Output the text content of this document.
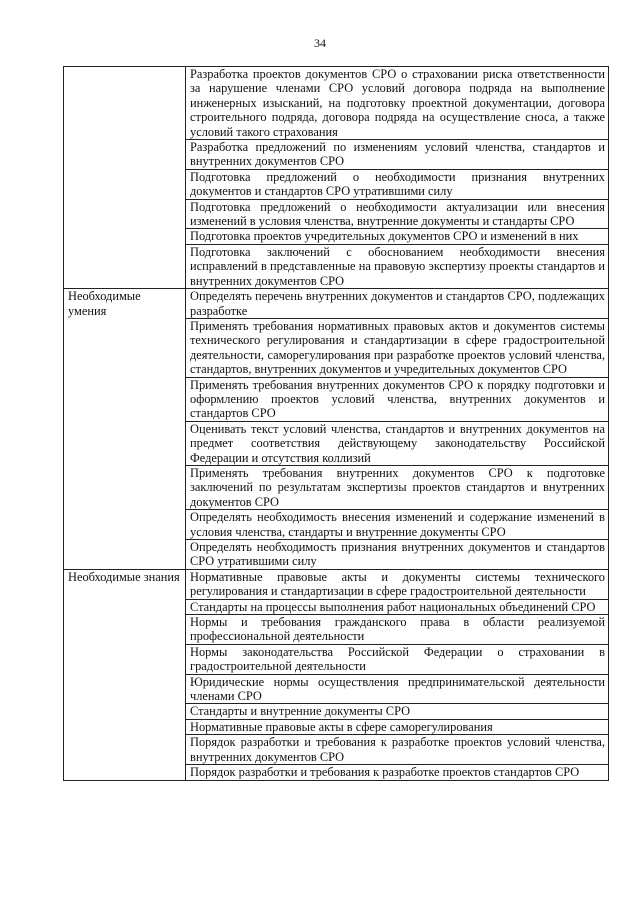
34
	Разработка проектов документов СРО о страховании риска ответственности за нарушение членами СРО условий договора подряда на выполнение инженерных изысканий, на подготовку проектной документации, договора строительного подряда, договора подряда на осуществление сноса, а также условий такого страхования
	Разработка предложений по изменениям условий членства, стандартов и внутренних документов СРО
	Подготовка предложений о необходимости признания внутренних документов и стандартов СРО утратившими силу
	Подготовка предложений о необходимости актуализации или внесения изменений в условия членства, внутренние документы и стандарты СРО
	Подготовка проектов учредительных документов СРО и изменений в них
	Подготовка заключений с обоснованием необходимости внесения исправлений в представленные на правовую экспертизу проекты стандартов и внутренних документов СРО
Необходимые умения	Определять перечень внутренних документов и стандартов СРО, подлежащих разработке
	Применять требования нормативных правовых актов и документов системы технического регулирования и стандартизации в сфере градостроительной деятельности, саморегулирования при разработке проектов условий членства, стандартов, внутренних документов и учредительных документов СРО
	Применять требования внутренних документов СРО к порядку подготовки и оформлению проектов условий членства, внутренних документов и стандартов СРО
	Оценивать текст условий членства, стандартов и внутренних документов на предмет соответствия действующему законодательству Российской Федерации и отсутствия коллизий
	Применять требования внутренних документов СРО к подготовке заключений по результатам экспертизы проектов стандартов и внутренних документов СРО
	Определять необходимость внесения изменений и содержание изменений в условия членства, стандарты и внутренние документы СРО
	Определять необходимость признания внутренних документов и стандартов СРО утратившими силу
Необходимые знания	Нормативные правовые акты и документы системы технического регулирования и стандартизации в сфере градостроительной деятельности
	Стандарты на процессы выполнения работ национальных объединений СРО
	Нормы и требования гражданского права в области реализуемой профессиональной деятельности
	Нормы законодательства Российской Федерации о страховании в градостроительной деятельности
	Юридические нормы осуществления предпринимательской деятельности членами СРО
	Стандарты и внутренние документы СРО
	Нормативные правовые акты в сфере саморегулирования
	Порядок разработки и требования к разработке проектов условий членства, внутренних документов СРО
	Порядок разработки и требования к разработке проектов стандартов СРО
